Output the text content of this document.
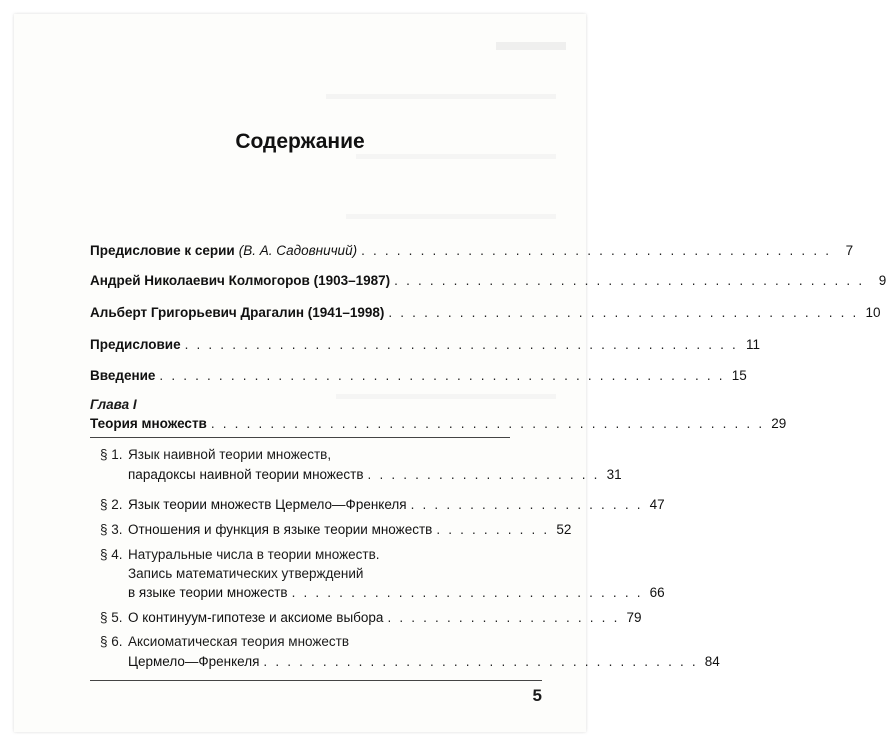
Содержание
Предисловие к серии (В. А. Садовничий) . . . . . . . . . . . . . . . . . . . . . . . . . . . . . . . . . . . . . . . .	7
Андрей Николаевич Колмогоров (1903–1987) . . . . . . . . . . . . . . . . . . . . . . . . . . . . . . . . . . . . . . . .	9
Альберт Григорьевич Драгалин (1941–1998) . . . . . . . . . . . . . . . . . . . . . . . . . . . . . . . . . . . . . . . . 10
Предисловие . . . . . . . . . . . . . . . . . . . . . . . . . . . . . . . . . . . . . . . . . . . . . . . 11
Введение . . . . . . . . . . . . . . . . . . . . . . . . . . . . . . . . . . . . . . . . . . . . . . . . 15
Глава I
Теория множеств . . . . . . . . . . . . . . . . . . . . . . . . . . . . . . . . . . . . . . . . . . . . . . . 29
§ 1. Язык наивной теории множеств,
парадоксы наивной теории множеств . . . . . . . . . . . . . . . . . . . . 31
§ 2. Язык теории множеств Цермело—Френкеля . . . . . . . . . . . . . . . . . . . . 47
§ 3. Отношения и функция в языке теории множеств . . . . . . . . . . 52
§ 4. Натуральные числа в теории множеств.
Запись математических утверждений
в языке теории множеств . . . . . . . . . . . . . . . . . . . . . . . . . . . . . . 66
§ 5. О континуум-гипотезе и аксиоме выбора . . . . . . . . . . . . . . . . . . . . 79
§ 6. Аксиоматическая теория множеств
Цермело—Френкеля . . . . . . . . . . . . . . . . . . . . . . . . . . . . . . . . . . . . . 84
5
